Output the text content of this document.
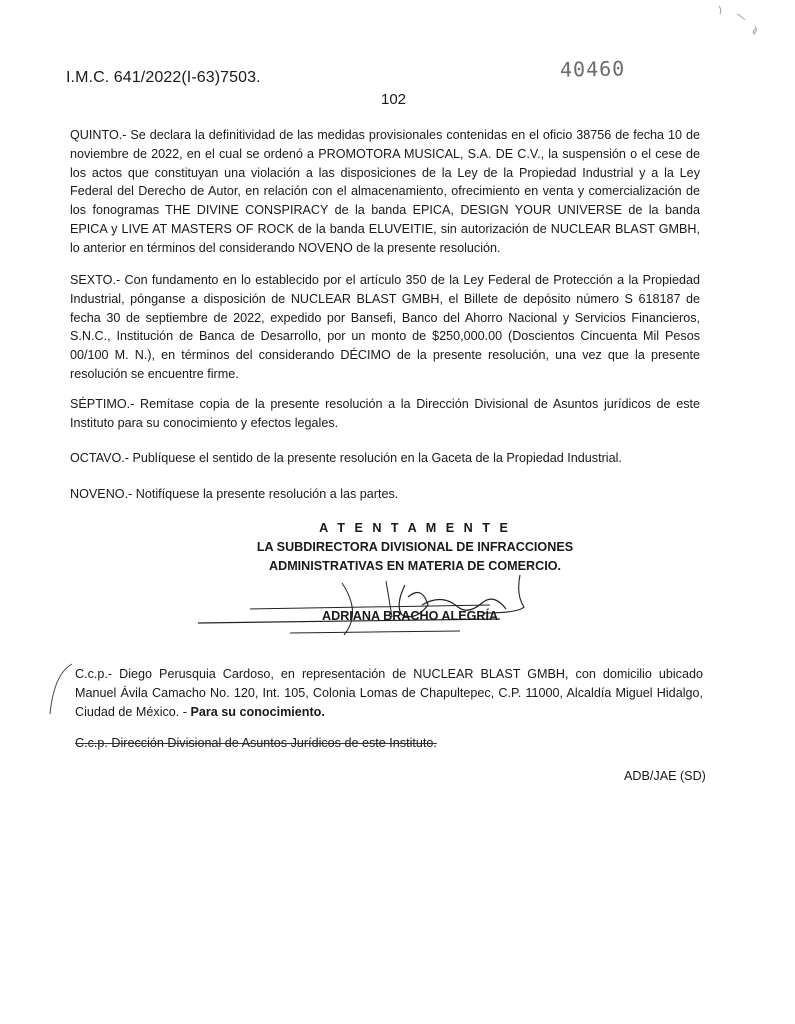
I.M.C. 641/2022(I-63)7503.	40460
102

QUINTO.- Se declara la definitividad de las medidas provisionales contenidas en el oficio 38756 de fecha 10 de noviembre de 2022, en el cual se ordenó a PROMOTORA MUSICAL, S.A. DE C.V., la suspensión o el cese de los actos que constituyan una violación a las disposiciones de la Ley de la Propiedad Industrial y a la Ley Federal del Derecho de Autor, en relación con el almacenamiento, ofrecimiento en venta y comercialización de los fonogramas THE DIVINE CONSPIRACY de la banda EPICA, DESIGN YOUR UNIVERSE de la banda EPICA y LIVE AT MASTERS OF ROCK de la banda ELUVEITIE, sin autorización de NUCLEAR BLAST GMBH, lo anterior en términos del considerando NOVENO de la presente resolución.

SEXTO.- Con fundamento en lo establecido por el artículo 350 de la Ley Federal de Protección a la Propiedad Industrial, pónganse a disposición de NUCLEAR BLAST GMBH, el Billete de depósito número S 618187 de fecha 30 de septiembre de 2022, expedido por Bansefi, Banco del Ahorro Nacional y Servicios Financieros, S.N.C., Institución de Banca de Desarrollo, por un monto de $250,000.00 (Doscientos Cincuenta Mil Pesos 00/100 M. N.), en términos del considerando DÉCIMO de la presente resolución, una vez que la presente resolución se encuentre firme.

SÉPTIMO.- Remítase copia de la presente resolución a la Dirección Divisional de Asuntos jurídicos de este Instituto para su conocimiento y efectos legales.

OCTAVO.- Publíquese el sentido de la presente resolución en la Gaceta de la Propiedad Industrial.

NOVENO.- Notifíquese la presente resolución a las partes.

A T E N T A M E N T E
LA SUBDIRECTORA DIVISIONAL DE INFRACCIONES
ADMINISTRATIVAS EN MATERIA DE COMERCIO.
ADRIANA BRACHO ALEGRÍA

C.c.p.- Diego Perusquia Cardoso, en representación de NUCLEAR BLAST GMBH, con domicilio ubicado Manuel Ávila Camacho No. 120, Int. 105, Colonia Lomas de Chapultepec, C.P. 11000, Alcaldía Miguel Hidalgo, Ciudad de México. - Para su conocimiento.

C.c.p. Dirección Divisional de Asuntos Jurídicos de este Instituto.
ADB/JAE (SD)
